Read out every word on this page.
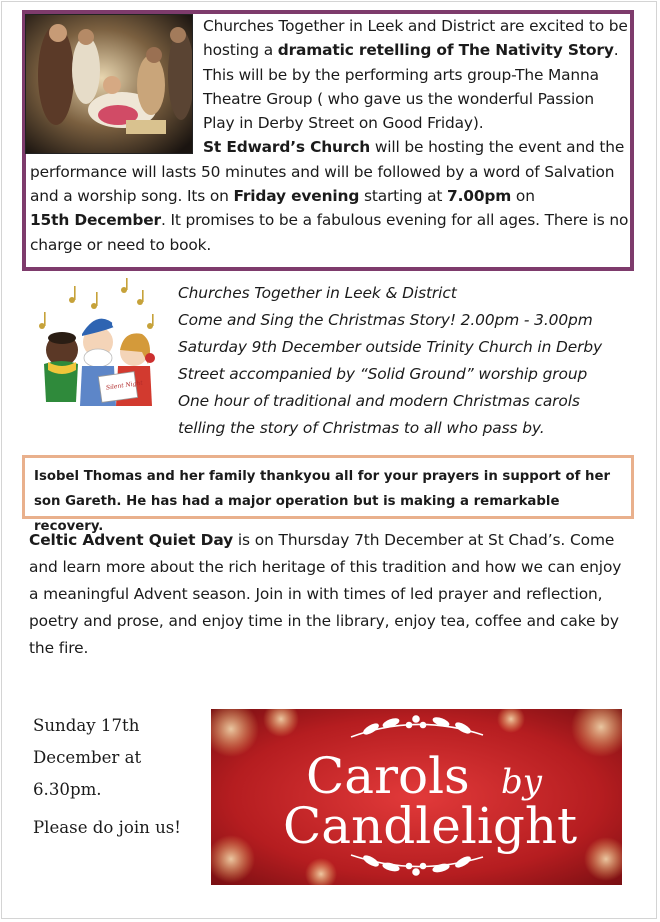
Churches Together in Leek and District are excited to be hosting a dramatic retelling of The Nativity Story. This will be by the performing arts group-The Manna Theatre Group ( who gave us the wonderful Passion Play in Derby Street on Good Friday).
St Edward’s Church will be hosting the event and the performance will lasts 50 minutes and will be followed by a word of Salvation and a worship song. Its on Friday evening starting at 7.00pm on
15th December. It promises to be a fabulous evening for all ages. There is no charge or need to book.
Silent Night
Churches Together in Leek & District
Come and Sing the Christmas Story! 2.00pm - 3.00pm
Saturday 9th December outside Trinity Church in Derby
Street accompanied by “Solid Ground” worship group
One hour of traditional and modern Christmas carols
telling the story of Christmas to all who pass by.
Isobel Thomas and her family thankyou all for your prayers in support of her son Gareth. He has had a major operation but is making a remarkable recovery.
Celtic Advent Quiet Day is on Thursday 7th December at St Chad’s. Come and learn more about the rich heritage of this tradition and how we can enjoy a meaningful Advent season. Join in with times of led prayer and reflection, poetry and prose, and enjoy time in the library, enjoy tea, coffee and cake by the fire.

Sunday 17th

December at

6.30pm.

Please do join us!

Carols by
Candlelight
